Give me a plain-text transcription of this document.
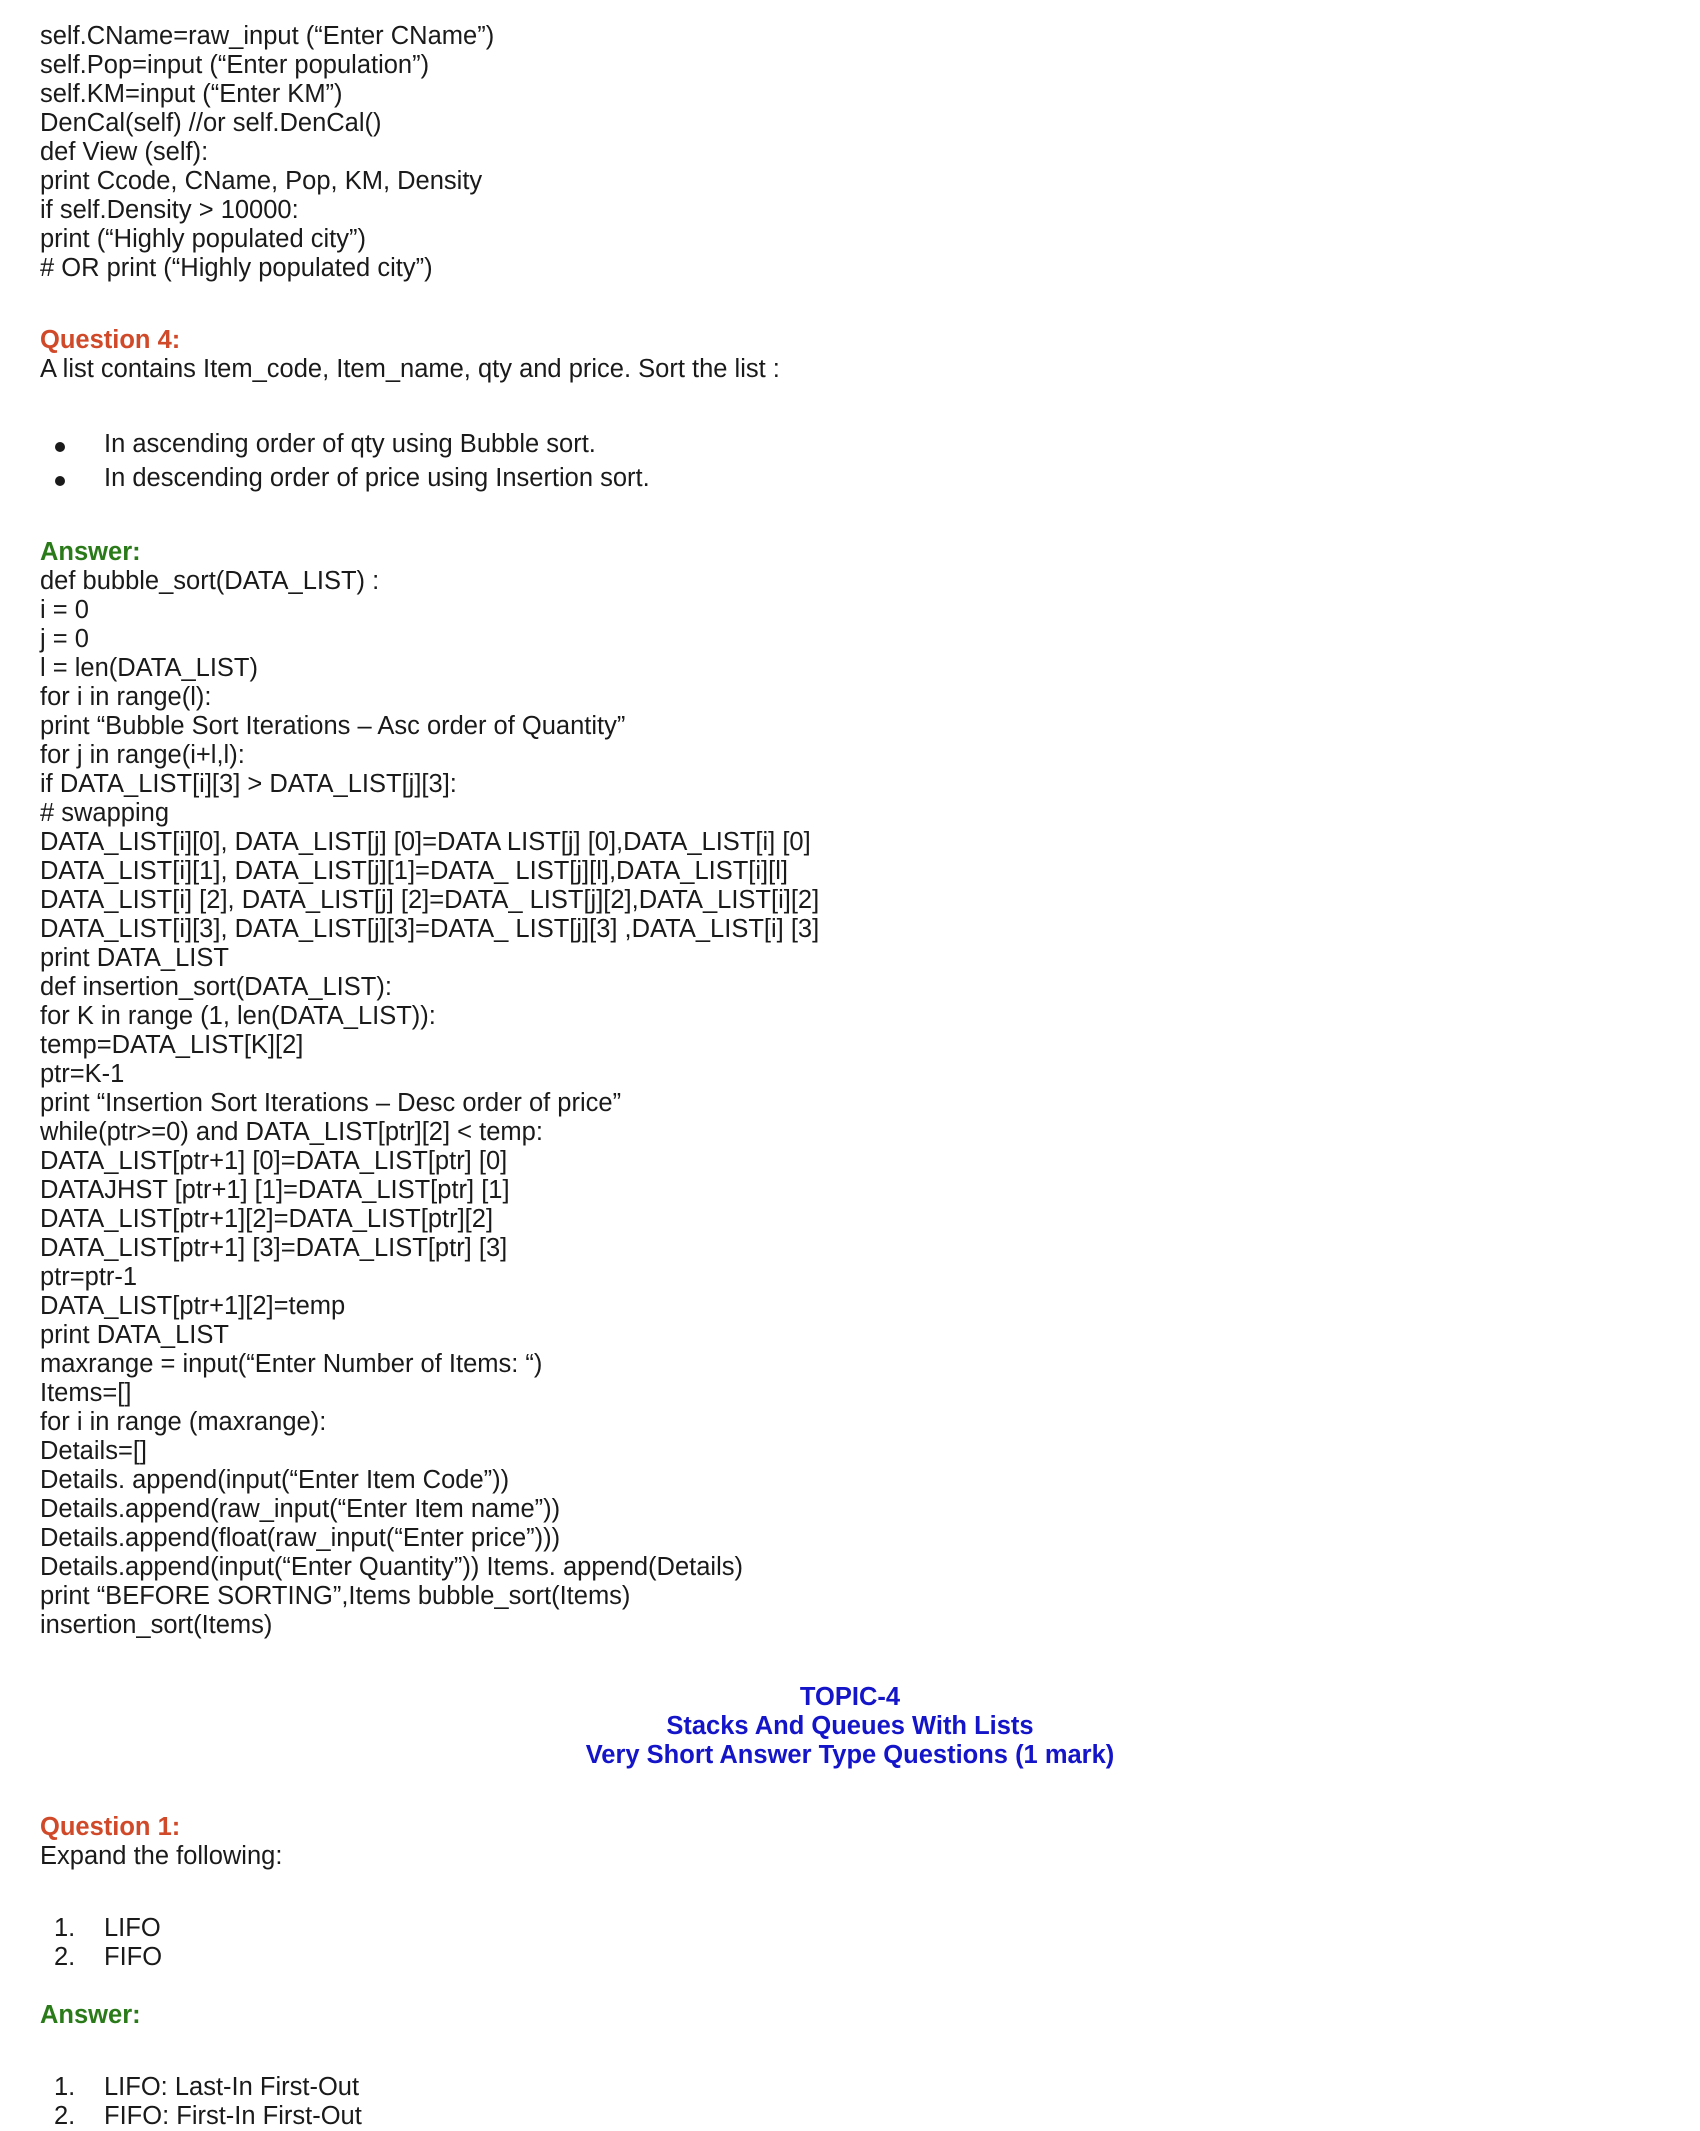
self.CName=raw_input (“Enter CName”)

self.Pop=input (“Enter population”)

self.KM=input (“Enter KM”)

DenCal(self) //or self.DenCal()

def View (self):

print Ccode, CName, Pop, KM, Density

if self.Density > 10000:

print (“Highly populated city”)

# OR print (“Highly populated city”)

Question 4:

A list contains Item_code, Item_name, qty and price. Sort the list :

In ascending order of qty using Bubble sort.
In descending order of price using Insertion sort.

Answer:

def bubble_sort(DATA_LIST) :

i = 0

j = 0

l = len(DATA_LIST)

for i in range(l):

print “Bubble Sort Iterations – Asc order of Quantity”

for j in range(i+l,l):

if DATA_LIST[i][3] > DATA_LIST[j][3]:

# swapping

DATA_LIST[i][0], DATA_LIST[j] [0]=DATA LIST[j] [0],DATA_LIST[i] [0]

DATA_LIST[i][1], DATA_LIST[j][1]=DATA_ LIST[j][l],DATA_LIST[i][l]

DATA_LIST[i] [2], DATA_LIST[j] [2]=DATA_ LIST[j][2],DATA_LIST[i][2]

DATA_LIST[i][3], DATA_LIST[j][3]=DATA_ LIST[j][3] ,DATA_LIST[i] [3]

print DATA_LIST

def insertion_sort(DATA_LIST):

for K in range (1, len(DATA_LIST)):

temp=DATA_LIST[K][2]

ptr=K-1

print “Insertion Sort Iterations – Desc order of price”

while(ptr>=0) and DATA_LIST[ptr][2] < temp:

DATA_LIST[ptr+1] [0]=DATA_LIST[ptr] [0]

DATAJHST [ptr+1] [1]=DATA_LIST[ptr] [1]

DATA_LIST[ptr+1][2]=DATA_LIST[ptr][2]

DATA_LIST[ptr+1] [3]=DATA_LIST[ptr] [3]

ptr=ptr-1

DATA_LIST[ptr+1][2]=temp

print DATA_LIST

maxrange = input(“Enter Number of Items: “)

Items=[]

for i in range (maxrange):

Details=[]

Details. append(input(“Enter Item Code”))

Details.append(raw_input(“Enter Item name”))

Details.append(float(raw_input(“Enter price”)))

Details.append(input(“Enter Quantity”)) Items. append(Details)

print “BEFORE SORTING”,Items bubble_sort(Items)

insertion_sort(Items)

TOPIC-4

Stacks And Queues With Lists

Very Short Answer Type Questions (1 mark)

Question 1:

Expand the following:

1. LIFO
2. FIFO

Answer:

1. LIFO: Last-In First-Out
2. FIFO: First-In First-Out
